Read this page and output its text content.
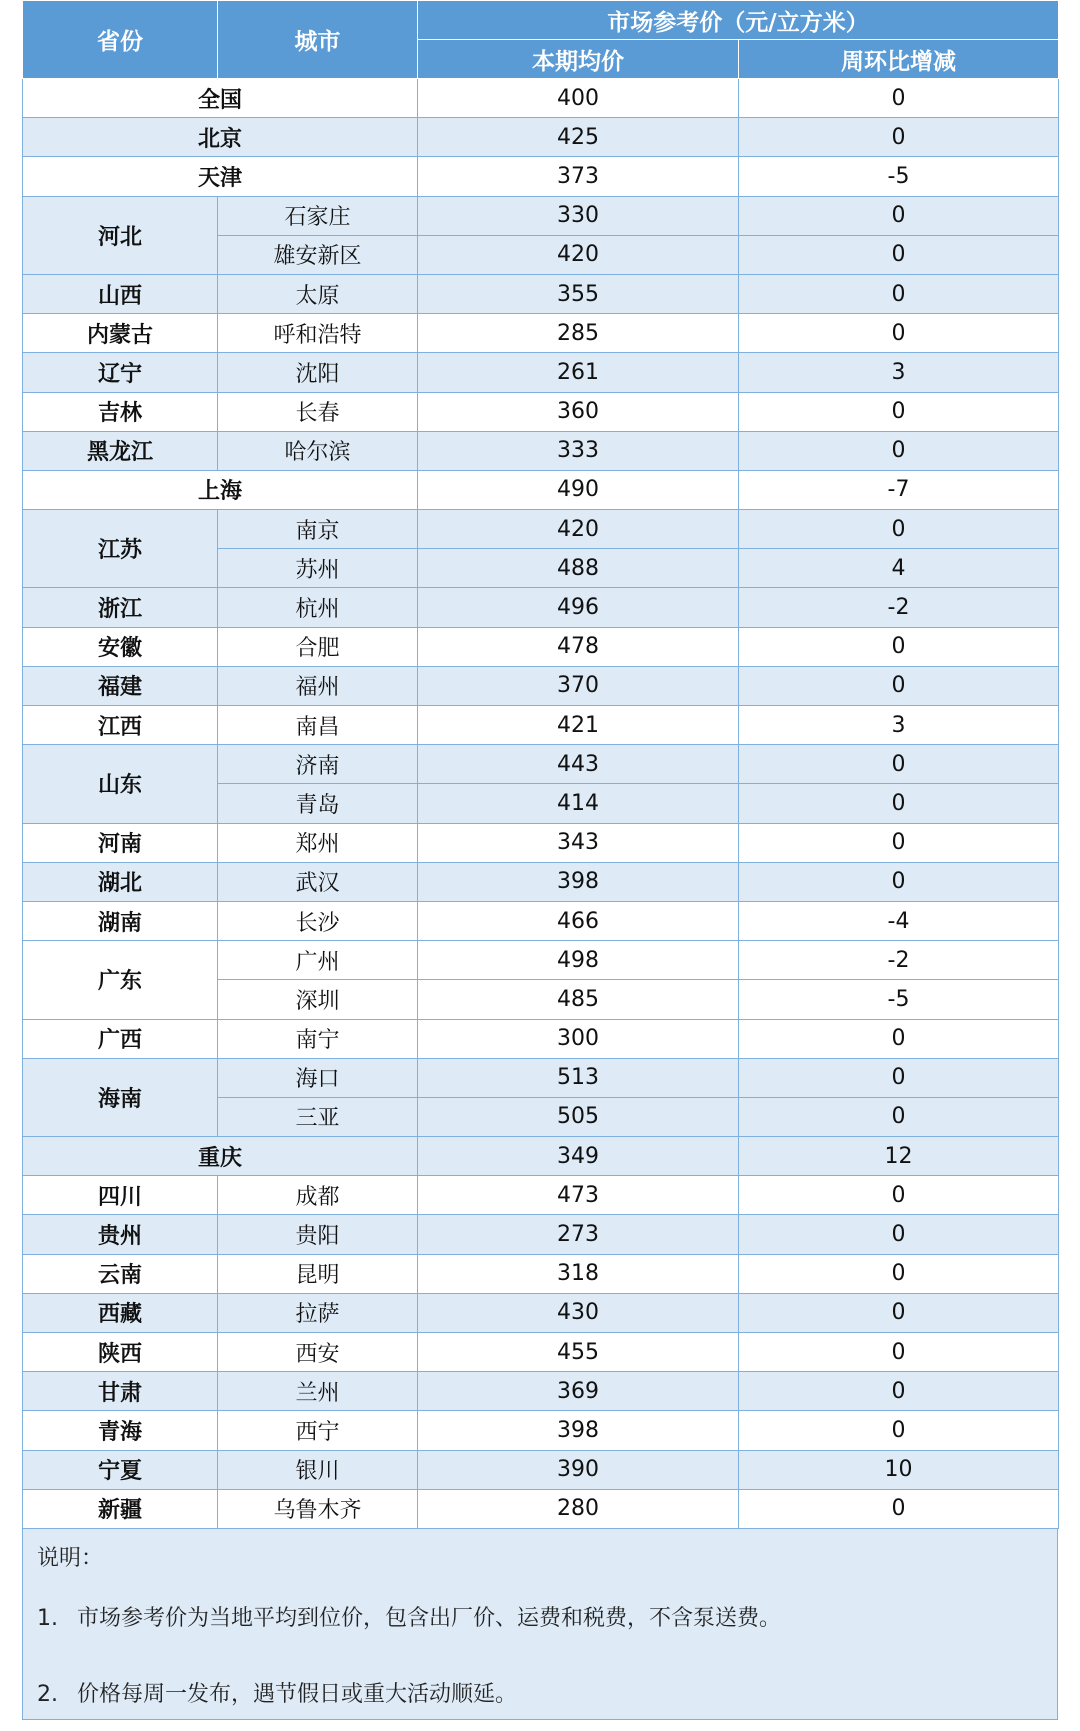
省份	城市	市场参考价（元/立方米）	
		本期均价	周环比增减
全国		400	0
北京		425	0
天津		373	-5
河北	石家庄	330	0
	雄安新区	420	0
山西	太原	355	0
内蒙古	呼和浩特	285	0
辽宁	沈阳	261	3
吉林	长春	360	0
黑龙江	哈尔滨	333	0
上海		490	-7
江苏	南京	420	0
	苏州	488	4
浙江	杭州	496	-2
安徽	合肥	478	0
福建	福州	370	0
江西	南昌	421	3
山东	济南	443	0
	青岛	414	0
河南	郑州	343	0
湖北	武汉	398	0
湖南	长沙	466	-4
广东	广州	498	-2
	深圳	485	-5
广西	南宁	300	0
海南	海口	513	0
	三亚	505	0
重庆		349	12
四川	成都	473	0
贵州	贵阳	273	0
云南	昆明	318	0
西藏	拉萨	430	0
陕西	西安	455	0
甘肃	兰州	369	0
青海	西宁	398	0
宁夏	银川	390	10
新疆	乌鲁木齐	280	0
说明：
1. 市场参考价为当地平均到位价，包含出厂价、运费和税费，不含泵送费。
2. 价格每周一发布，遇节假日或重大活动顺延。
